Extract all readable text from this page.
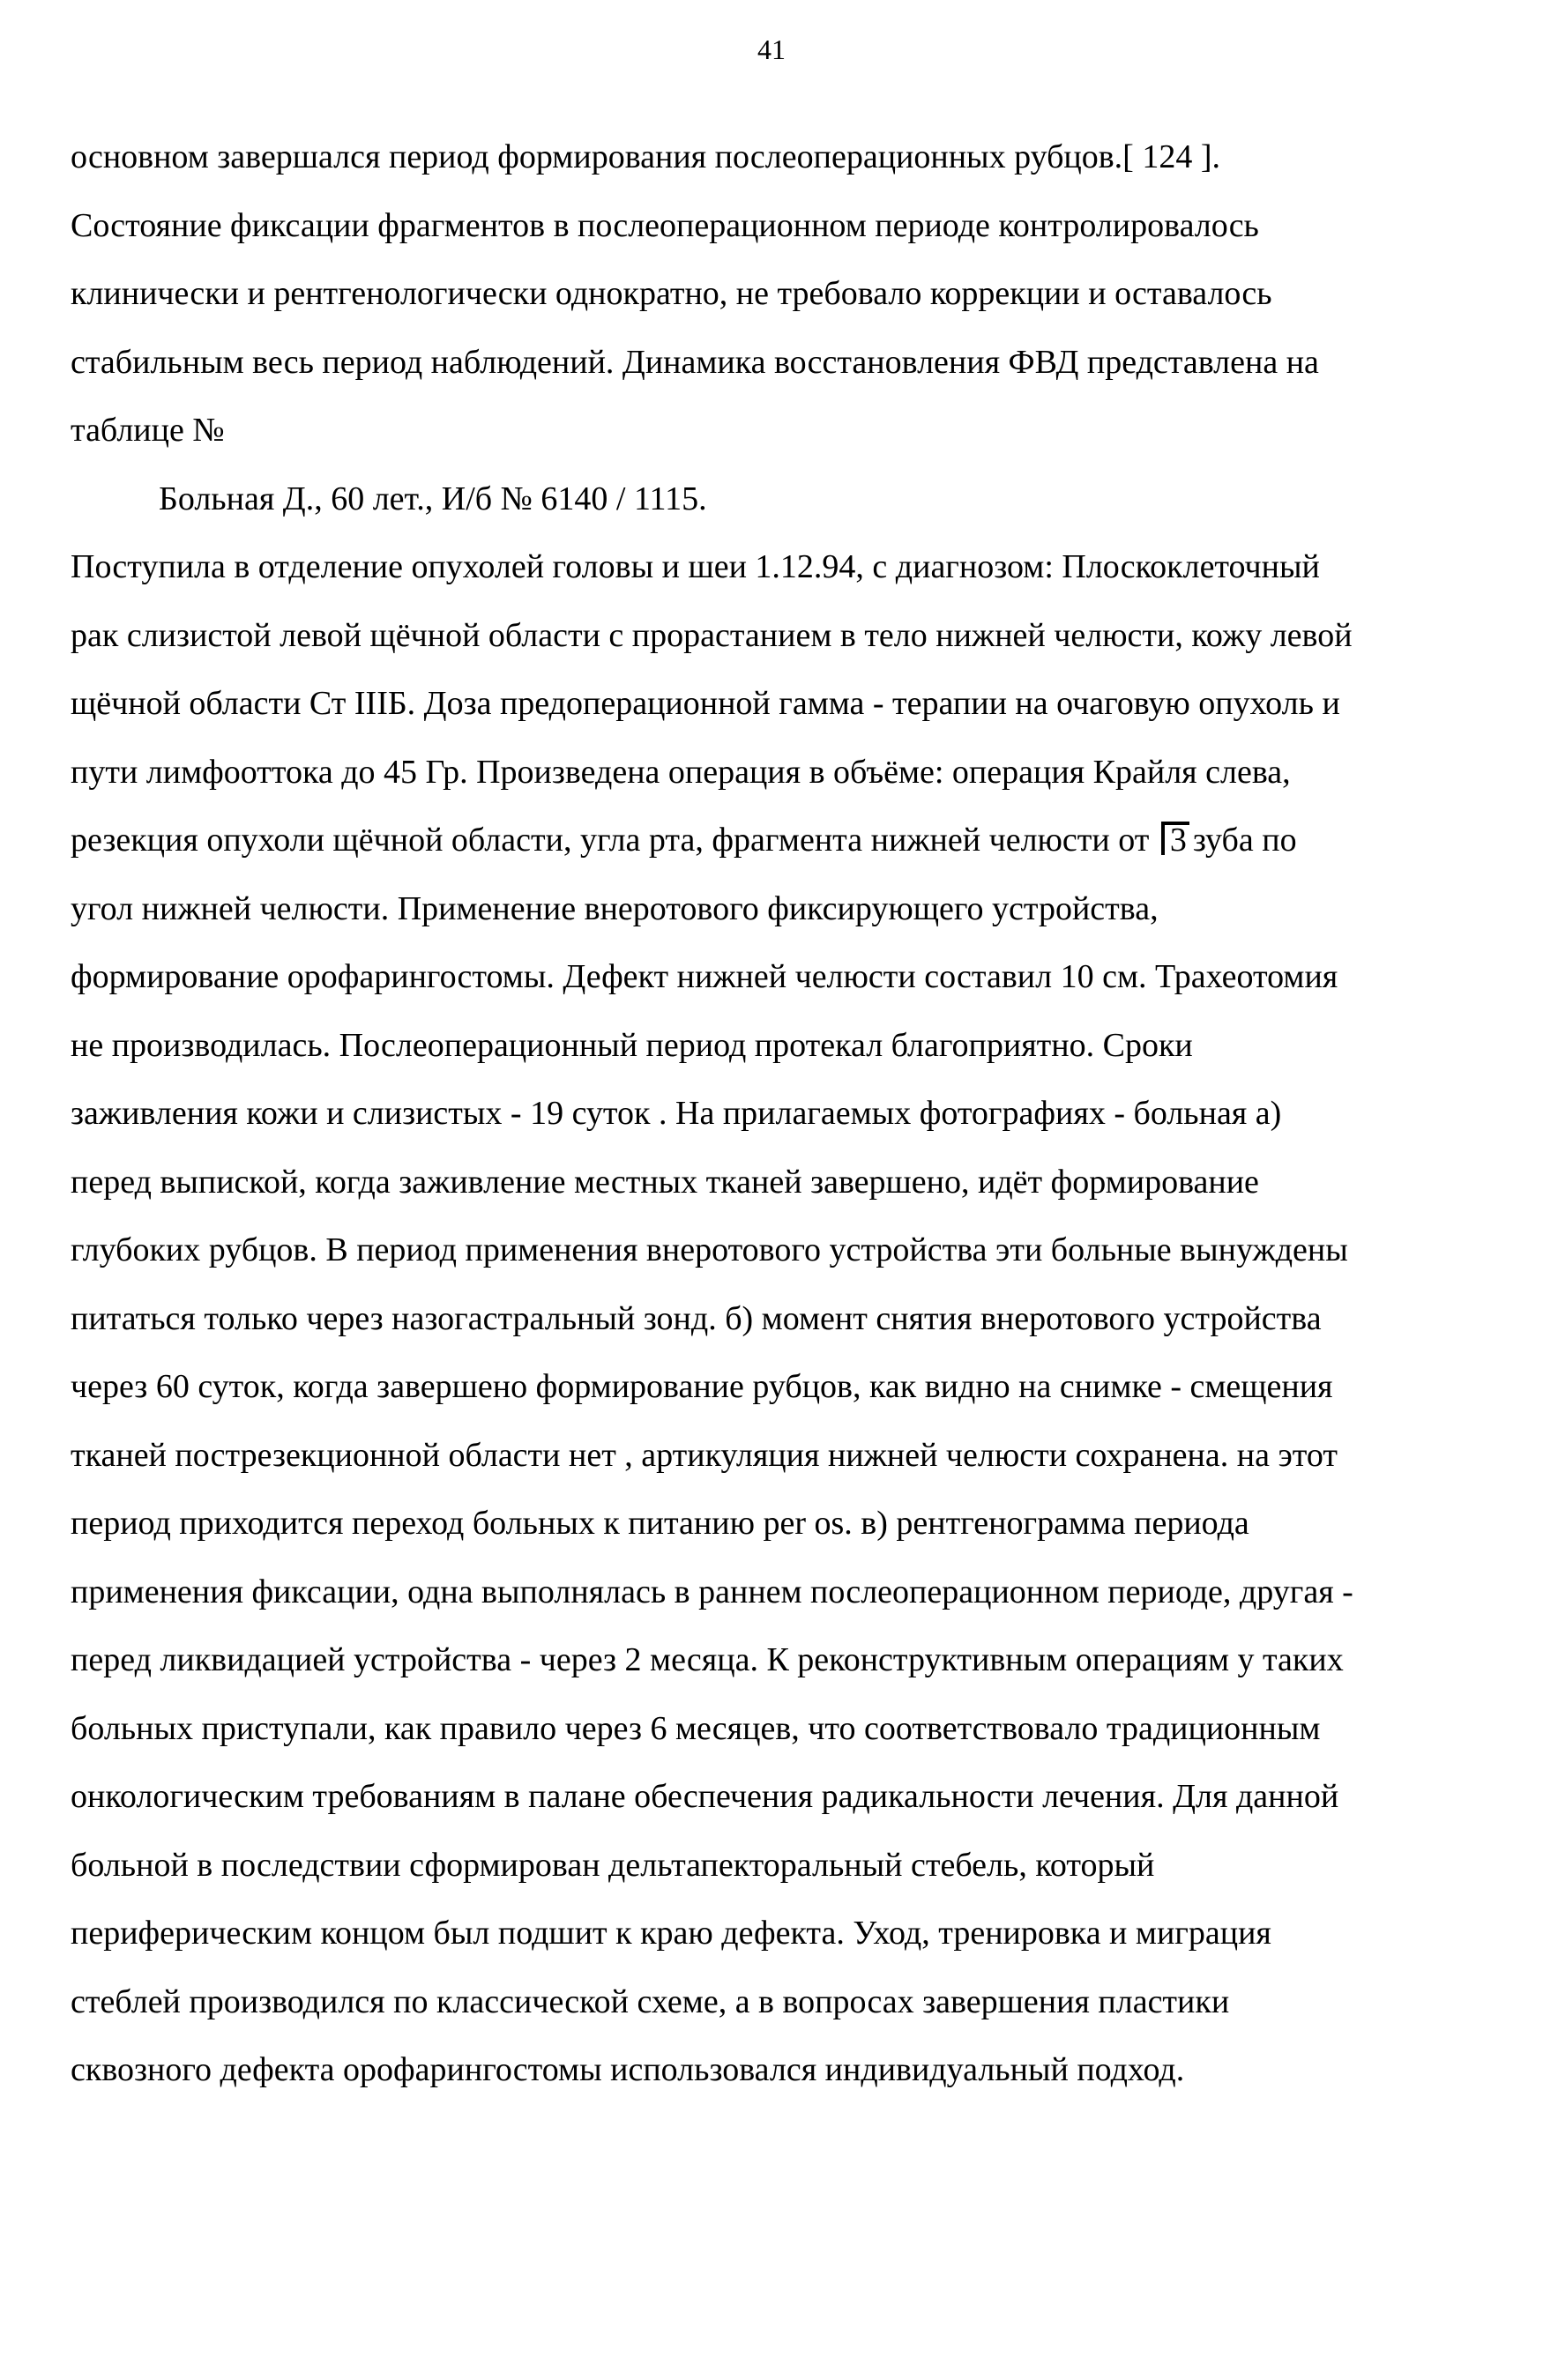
41
основном завершался период формирования послеоперационных рубцов.[ 124 ].
Состояние фиксации фрагментов в послеоперационном периоде контролировалось
клинически и рентгенологически однократно, не требовало коррекции и оставалось
стабильным весь период наблюдений. Динамика восстановления ФВД представлена на
таблице №
Больная Д., 60 лет., И/б № 6140 / 1115.
Поступила в отделение опухолей головы и шеи 1.12.94, с диагнозом: Плоскоклеточный
рак слизистой левой щёчной области с прорастанием в тело нижней челюсти, кожу левой
щёчной области Ст IIIБ. Доза предоперационной гамма - терапии на очаговую опухоль и
пути лимфооттока до 45 Гр. Произведена операция в объёме: операция Крайля слева,
резекция опухоли щёчной области, угла рта, фрагмента нижней челюсти от 3 зуба по
угол нижней челюсти. Применение внеротового фиксирующего устройства,
формирование орофарингостомы. Дефект нижней челюсти составил 10 см. Трахеотомия
не производилась. Послеоперационный период протекал благоприятно. Сроки
заживления кожи и слизистых - 19 суток . На прилагаемых фотографиях - больная а)
перед выпиской, когда заживление местных тканей завершено, идёт формирование
глубоких рубцов. В период применения внеротового устройства эти больные вынуждены
питаться только через назогастральный зонд. б) момент снятия внеротового устройства
через 60 суток, когда завершено формирование рубцов, как видно на снимке - смещения
тканей пострезекционной области нет , артикуляция нижней челюсти сохранена. на этот
период приходится переход больных к питанию per os. в) рентгенограмма периода
применения фиксации, одна выполнялась в раннем послеоперационном периоде, другая -
перед ликвидацией устройства - через 2 месяца. К реконструктивным операциям у таких
больных приступали, как правило через 6 месяцев, что соответствовало традиционным
онкологическим требованиям в палане обеспечения радикальности лечения. Для данной
больной в последствии сформирован дельтапекторальный стебель, который
периферическим концом был подшит к краю дефекта. Уход, тренировка и миграция
стеблей производился по классической схеме, а в вопросах завершения пластики
сквозного дефекта орофарингостомы использовался индивидуальный подход.
